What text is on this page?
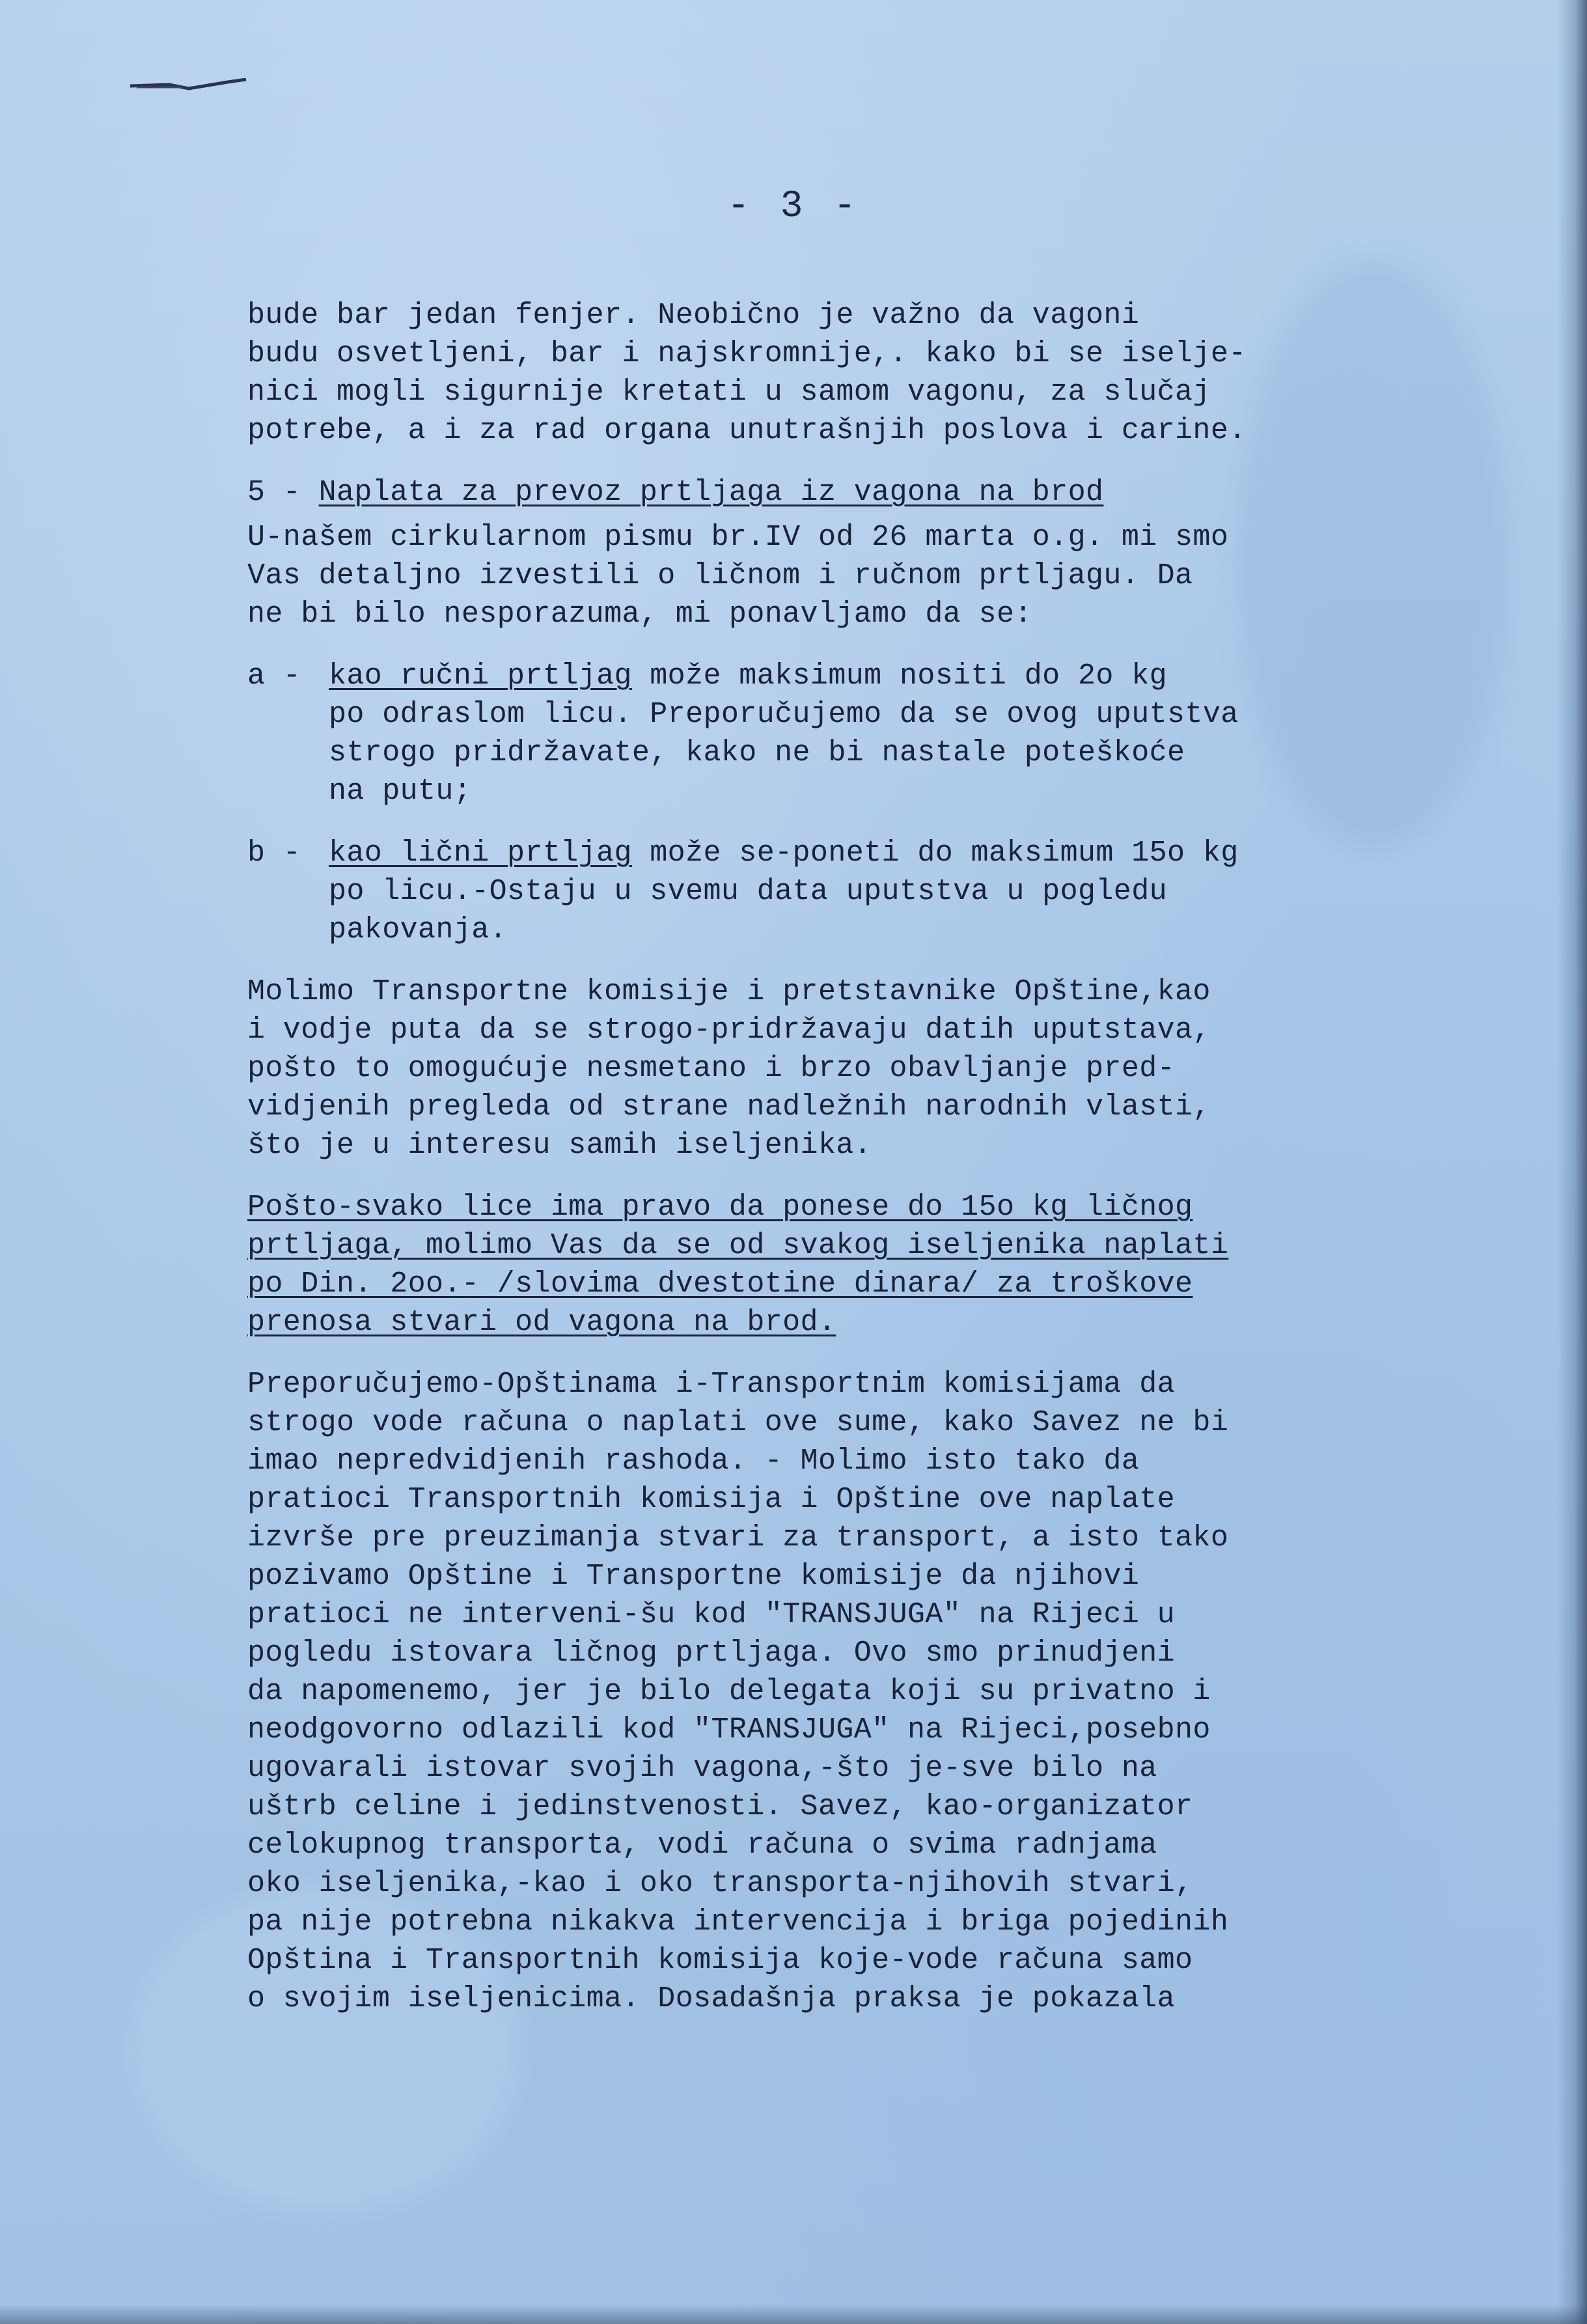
- 3 -
bude bar jedan fenjer. Neobično je važno da vagoni
budu osvetljeni, bar i najskromnije,. kako bi se iselje-
nici mogli sigurnije kretati u samom vagonu, za slučaj
potrebe, a i za rad organa unutrašnjih poslova i carine.
5 - Naplata za prevoz prtljaga iz vagona na brod
U-našem cirkularnom pismu br.IV od 26 marta o.g. mi smo
Vas detaljno izvestili o ličnom i ručnom prtljagu. Da
ne bi bilo nesporazuma, mi ponavljamo da se:
a - kao ručni prtljag može maksimum nositi do 2o kg
po odraslom licu. Preporučujemo da se ovog uputstva
strogo pridržavate, kako ne bi nastale poteškoće
na putu;
b - kao lični prtljag može se-poneti do maksimum 15o kg
po licu.-Ostaju u svemu data uputstva u pogledu
pakovanja.
Molimo Transportne komisije i pretstavnike Opštine,kao
i vodje puta da se strogo-pridržavaju datih uputstava,
pošto to omogućuje nesmetano i brzo obavljanje pred-
vidjenih pregleda od strane nadležnih narodnih vlasti,
što je u interesu samih iseljenika.
Pošto-svako lice ima pravo da ponese do 15o kg ličnog
prtljaga, molimo Vas da se od svakog iseljenika naplati
po Din. 2oo.- /slovima dvestotine dinara/ za troškove
prenosa stvari od vagona na brod.
Preporučujemo-Opštinama i-Transportnim komisijama da
strogo vode računa o naplati ove sume, kako Savez ne bi
imao nepredvidjenih rashoda. - Molimo isto tako da
pratioci Transportnih komisija i Opštine ove naplate
izvrše pre preuzimanja stvari za transport, a isto tako
pozivamo Opštine i Transportne komisije da njihovi
pratioci ne interveni-šu kod "TRANSJUGA" na Rijeci u
pogledu istovara ličnog prtljaga. Ovo smo prinudjeni
da napomenemo, jer je bilo delegata koji su privatno i
neodgovorno odlazili kod "TRANSJUGA" na Rijeci,posebno
ugovarali istovar svojih vagona,-što je-sve bilo na
uštrb celine i jedinstvenosti. Savez, kao-organizator
celokupnog transporta, vodi računa o svima radnjama
oko iseljenika,-kao i oko transporta-njihovih stvari,
pa nije potrebna nikakva intervencija i briga pojedinih
Opština i Transportnih komisija koje-vode računa samo
o svojim iseljenicima. Dosadašnja praksa je pokazala
